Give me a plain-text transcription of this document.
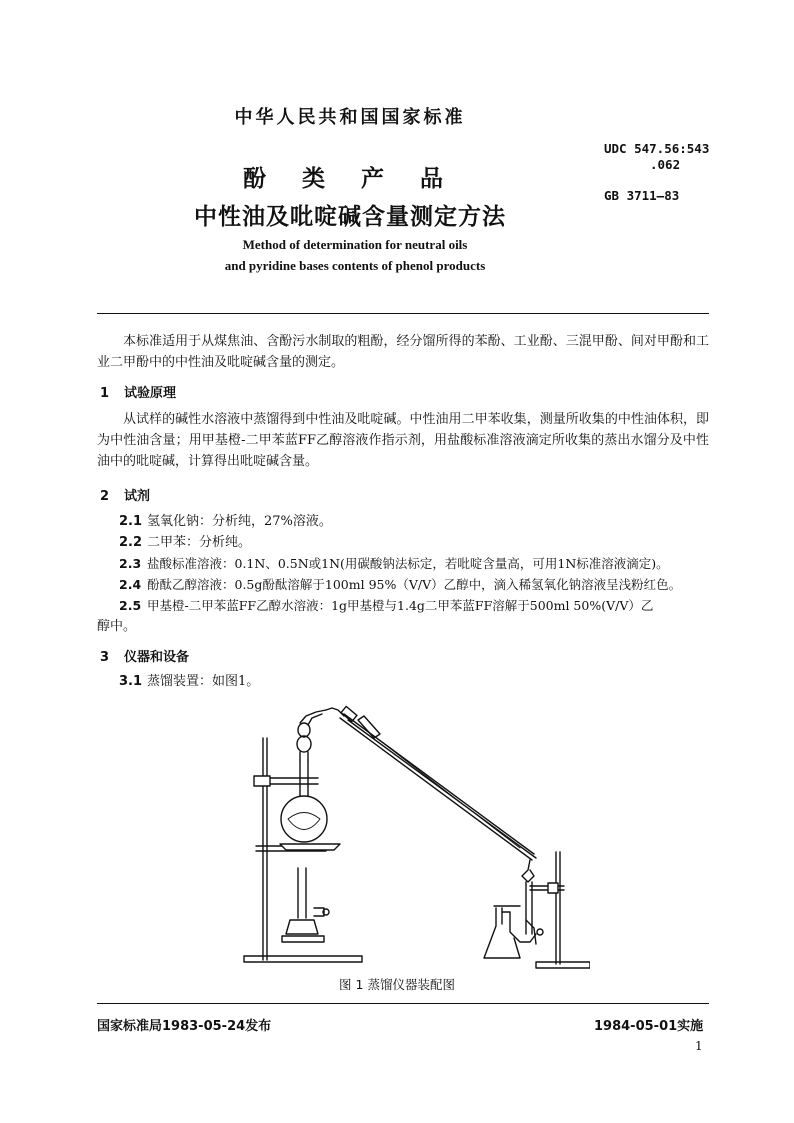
中华人民共和国国家标准
酚 类 产 品
中性油及吡啶碱含量测定方法
Method of determination for neutral oils
and pyridine bases contents of phenol products
UDC 547.56:543
.062
GB 3711—83
本标准适用于从煤焦油、含酚污水制取的粗酚，经分馏所得的苯酚、工业酚、三混甲酚、间对甲酚和工业二甲酚中的中性油及吡啶碱含量的测定。
1 试验原理
从试样的碱性水溶液中蒸馏得到中性油及吡啶碱。中性油用二甲苯收集，测量所收集的中性油体积，即为中性油含量；用甲基橙-二甲苯蓝FF乙醇溶液作指示剂，用盐酸标准溶液滴定所收集的蒸出水馏分及中性油中的吡啶碱，计算得出吡啶碱含量。
2 试剂
2.1 氢氧化钠：分析纯，27%溶液。
2.2 二甲苯：分析纯。
2.3 盐酸标准溶液：0.1N、0.5N或1N(用碳酸钠法标定，若吡啶含量高，可用1N标准溶液滴定)。
2.4 酚酞乙醇溶液：0.5g酚酞溶解于100ml 95%（V/V）乙醇中，滴入稀氢氧化钠溶液呈浅粉红色。
2.5 甲基橙-二甲苯蓝FF乙醇水溶液：1g甲基橙与1.4g二甲苯蓝FF溶解于500ml 50%(V/V）乙
醇中。
3 仪器和设备
3.1 蒸馏装置：如图1。
图 1 蒸馏仪器装配图
国家标准局1983-05-24发布	1984-05-01实施
1
